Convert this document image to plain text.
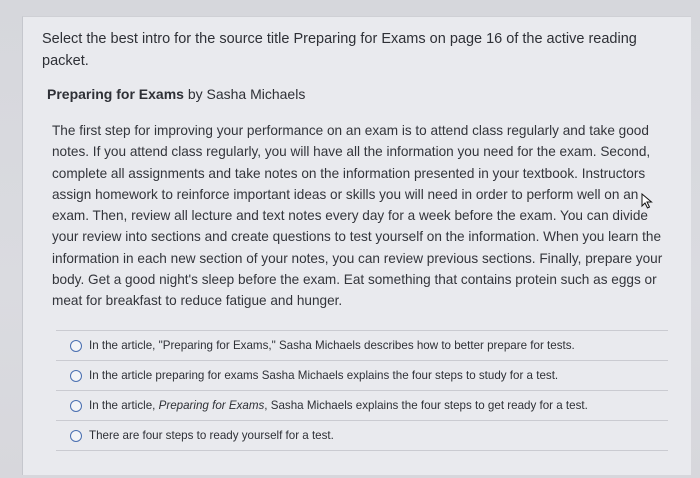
Select the best intro for the source title Preparing for Exams on page 16 of the active reading packet.
Preparing for Exams by Sasha Michaels
The first step for improving your performance on an exam is to attend class regularly and take good notes. If you attend class regularly, you will have all the information you need for the exam. Second, complete all assignments and take notes on the information presented in your textbook. Instructors assign homework to reinforce important ideas or skills you will need in order to perform well on an exam. Then, review all lecture and text notes every day for a week before the exam. You can divide your review into sections and create questions to test yourself on the information. When you learn the information in each new section of your notes, you can review previous sections. Finally, prepare your body. Get a good night's sleep before the exam. Eat something that contains protein such as eggs or meat for breakfast to reduce fatigue and hunger.
In the article, "Preparing for Exams," Sasha Michaels describes how to better prepare for tests.
In the article preparing for exams Sasha Michaels explains the four steps to study for a test.
In the article, Preparing for Exams, Sasha Michaels explains the four steps to get ready for a test.
There are four steps to ready yourself for a test.
